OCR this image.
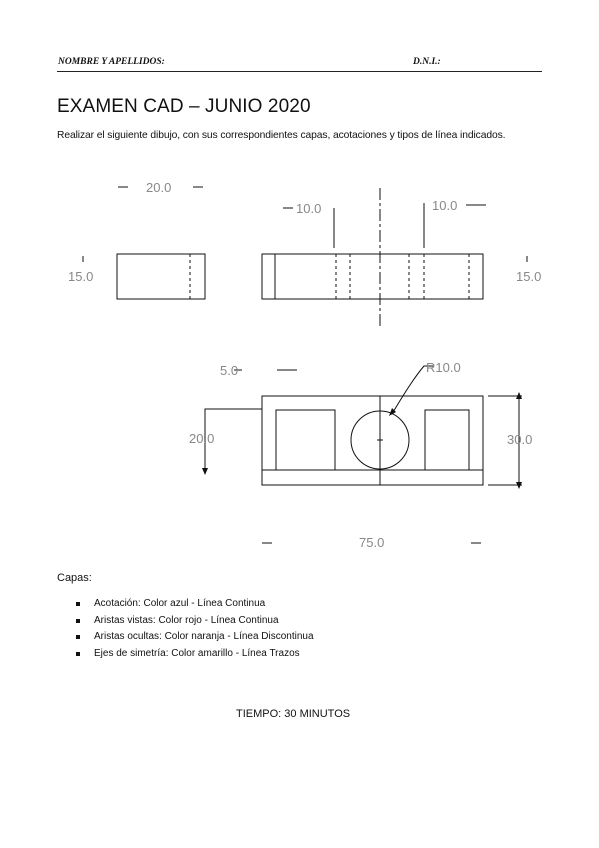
NOMBRE Y APELLIDOS:	D.N.I.:
EXAMEN CAD – JUNIO 2020
Realizar el siguiente dibujo, con sus correspondientes capas, acotaciones y tipos de línea indicados.
20.0
15.0
10.0	10.0
15.0
R10.0
5.0
20.0	30.0
75.0
Capas:
Acotación: Color azul - Línea Continua
Aristas vistas: Color rojo - Línea Continua
Aristas ocultas: Color naranja - Línea Discontinua
Ejes de simetría: Color amarillo - Línea Trazos
TIEMPO: 30 MINUTOS
